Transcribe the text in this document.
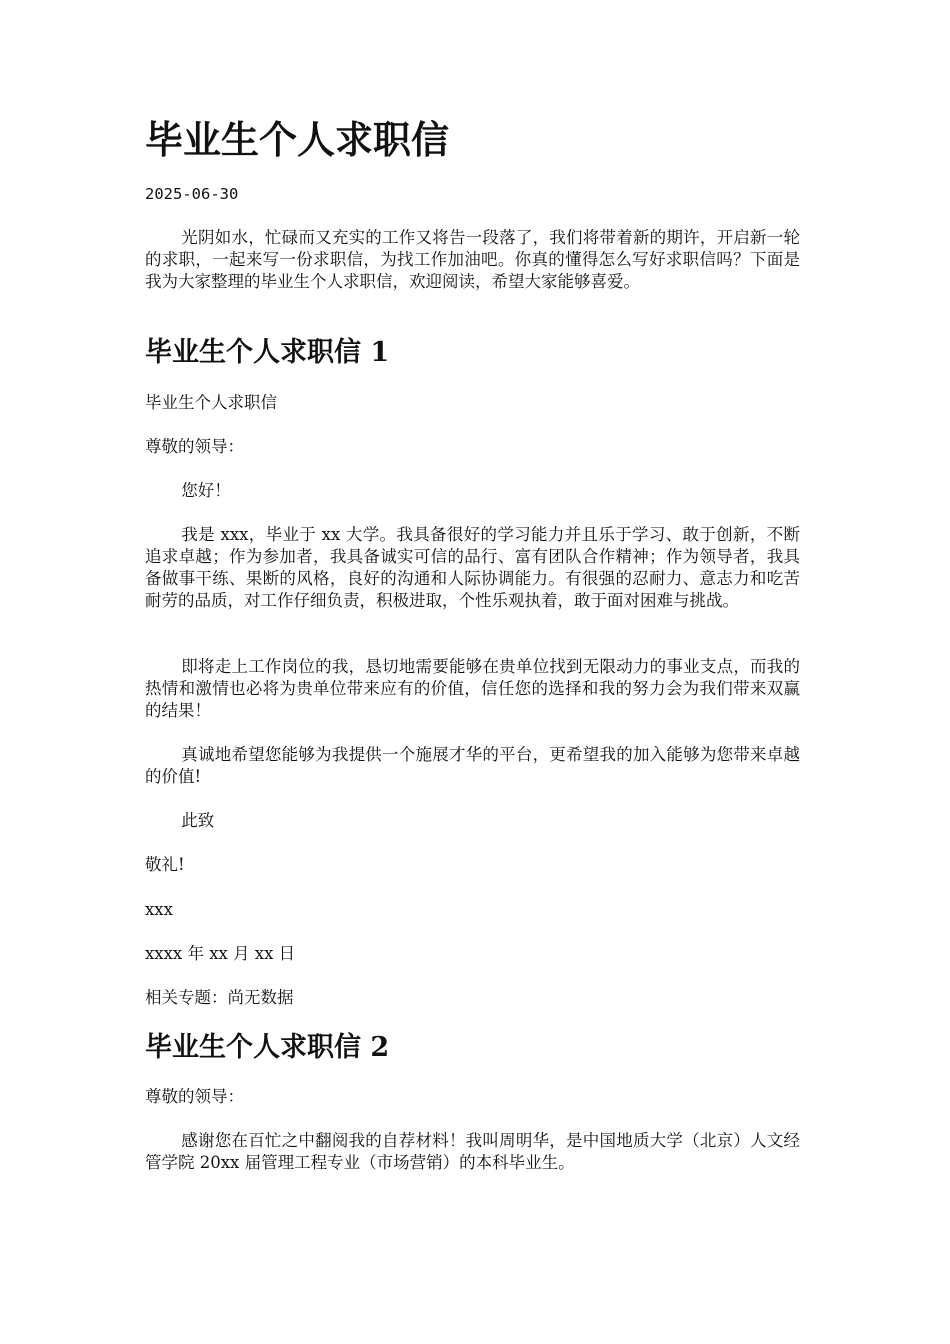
毕业生个人求职信
2025-06-30

光阴如水，忙碌而又充实的工作又将告一段落了，我们将带着新的期许，开启新一轮的求职，一起来写一份求职信，为找工作加油吧。你真的懂得怎么写好求职信吗？下面是我为大家整理的毕业生个人求职信，欢迎阅读，希望大家能够喜爱。

毕业生个人求职信 1

毕业生个人求职信

尊敬的领导：

您好！

我是 xxx，毕业于 xx 大学。我具备很好的学习能力并且乐于学习、敢于创新，不断追求卓越；作为参加者，我具备诚实可信的品行、富有团队合作精神；作为领导者，我具备做事干练、果断的风格，良好的沟通和人际协调能力。有很强的忍耐力、意志力和吃苦耐劳的品质，对工作仔细负责，积极进取，个性乐观执着，敢于面对困难与挑战。

即将走上工作岗位的我，恳切地需要能够在贵单位找到无限动力的事业支点，而我的热情和激情也必将为贵单位带来应有的价值，信任您的选择和我的努力会为我们带来双赢的结果！

真诚地希望您能够为我提供一个施展才华的平台，更希望我的加入能够为您带来卓越的价值!

此致

敬礼!

xxx

xxxx 年 xx 月 xx 日

相关专题：尚无数据

毕业生个人求职信 2

尊敬的领导：

感谢您在百忙之中翻阅我的自荐材料！我叫周明华，是中国地质大学（北京）人文经管学院 20xx 届管理工程专业（市场营销）的本科毕业生。
